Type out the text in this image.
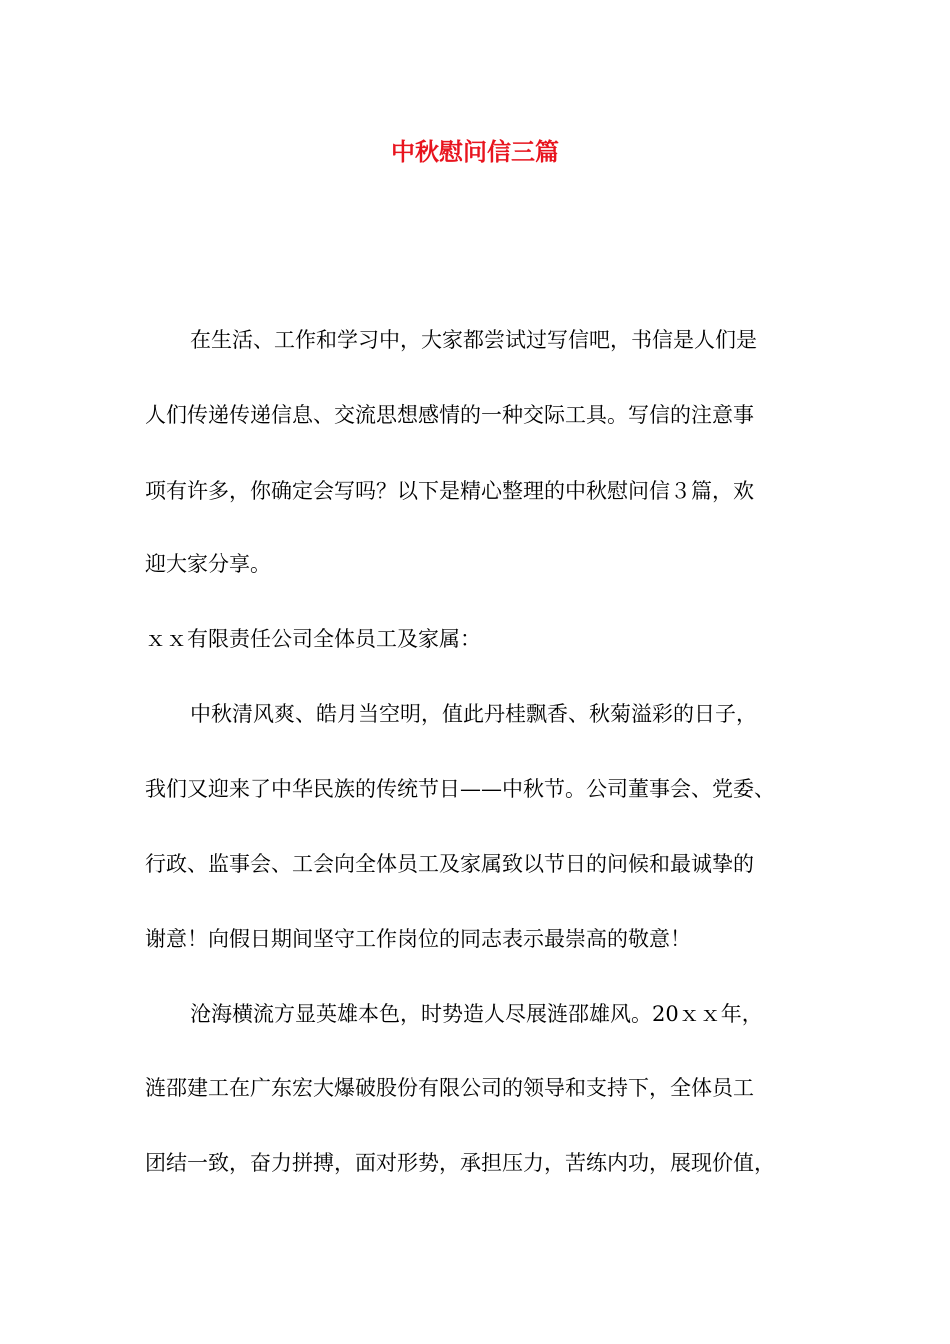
中秋慰问信三篇

在生活、工作和学习中，大家都尝试过写信吧，书信是人们是

人们传递传递信息、交流思想感情的一种交际工具。写信的注意事

项有许多，你确定会写吗？以下是精心整理的中秋慰问信３篇，欢

迎大家分享。

ｘｘ有限责任公司全体员工及家属：

中秋清风爽、皓月当空明，值此丹桂飘香、秋菊溢彩的日子，

我们又迎来了中华民族的传统节日——中秋节。公司董事会、党委、

行政、监事会、工会向全体员工及家属致以节日的问候和最诚挚的

谢意！向假日期间坚守工作岗位的同志表示最崇高的敬意！

沧海横流方显英雄本色，时势造人尽展涟邵雄风。20ｘｘ年，

涟邵建工在广东宏大爆破股份有限公司的领导和支持下，全体员工

团结一致，奋力拼搏，面对形势，承担压力，苦练内功，展现价值，
